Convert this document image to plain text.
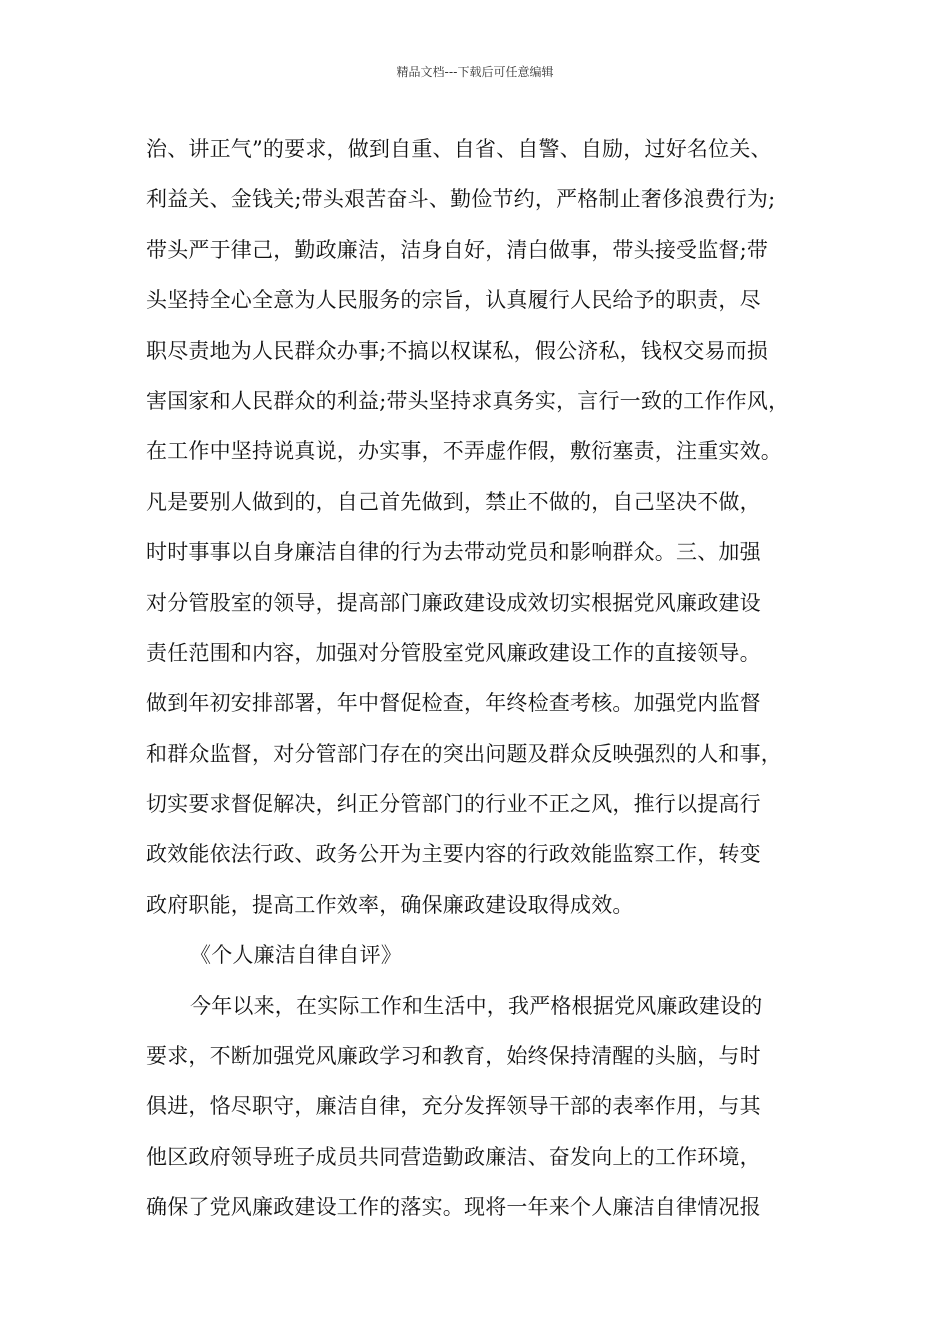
精品文档---下载后可任意编辑
治、讲正气”的要求，做到自重、自省、自警、自励，过好名位关、
利益关、金钱关;带头艰苦奋斗、勤俭节约，严格制止奢侈浪费行为;
带头严于律己，勤政廉洁，洁身自好，清白做事，带头接受监督;带
头坚持全心全意为人民服务的宗旨，认真履行人民给予的职责，尽
职尽责地为人民群众办事;不搞以权谋私，假公济私，钱权交易而损
害国家和人民群众的利益;带头坚持求真务实，言行一致的工作作风，
在工作中坚持说真说，办实事，不弄虚作假，敷衍塞责，注重实效。
凡是要别人做到的，自己首先做到，禁止不做的，自己坚决不做，
时时事事以自身廉洁自律的行为去带动党员和影响群众。三、加强
对分管股室的领导，提高部门廉政建设成效切实根据党风廉政建设
责任范围和内容，加强对分管股室党风廉政建设工作的直接领导。
做到年初安排部署，年中督促检查，年终检查考核。加强党内监督
和群众监督，对分管部门存在的突出问题及群众反映强烈的人和事，
切实要求督促解决，纠正分管部门的行业不正之风，推行以提高行
政效能依法行政、政务公开为主要内容的行政效能监察工作，转变
政府职能，提高工作效率，确保廉政建设取得成效。
《个人廉洁自律自评》
今年以来，在实际工作和生活中，我严格根据党风廉政建设的
要求，不断加强党风廉政学习和教育，始终保持清醒的头脑，与时
俱进，恪尽职守，廉洁自律，充分发挥领导干部的表率作用，与其
他区政府领导班子成员共同营造勤政廉洁、奋发向上的工作环境，
确保了党风廉政建设工作的落实。现将一年来个人廉洁自律情况报
